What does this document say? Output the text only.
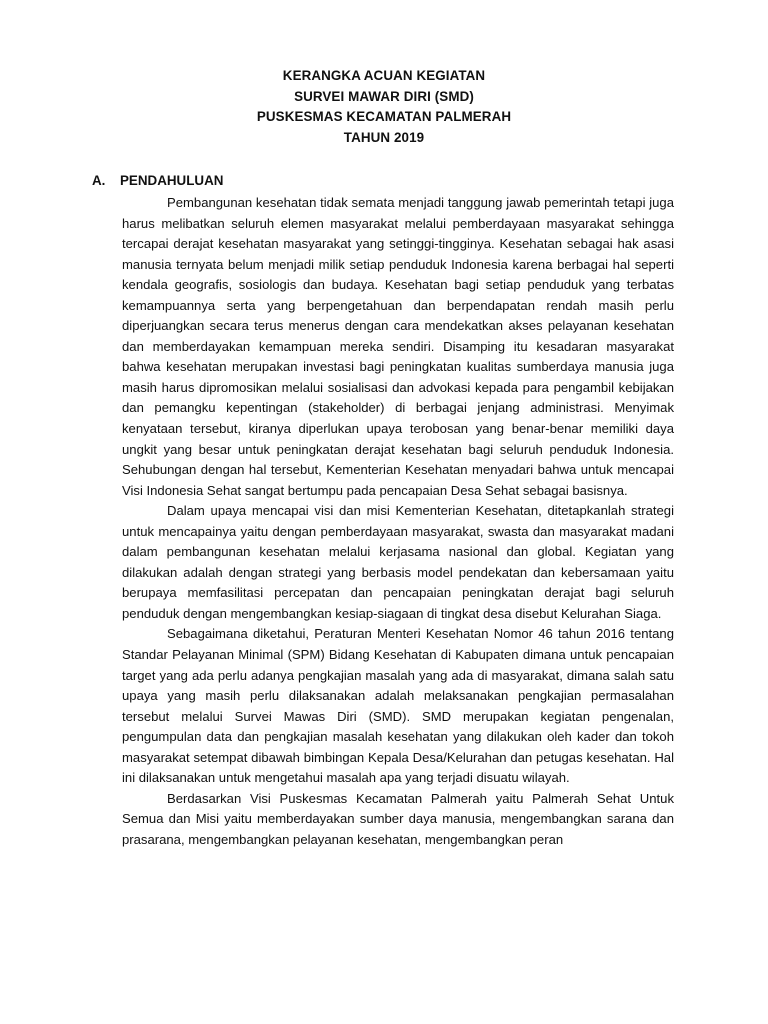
KERANGKA ACUAN KEGIATAN
SURVEI MAWAR DIRI (SMD)
PUSKESMAS KECAMATAN PALMERAH
TAHUN 2019
A. PENDAHULUAN

Pembangunan kesehatan tidak semata menjadi tanggung jawab pemerintah tetapi juga harus melibatkan seluruh elemen masyarakat melalui pemberdayaan masyarakat sehingga tercapai derajat kesehatan masyarakat yang setinggi-tingginya. Kesehatan sebagai hak asasi manusia ternyata belum menjadi milik setiap penduduk Indonesia karena berbagai hal seperti kendala geografis, sosiologis dan budaya. Kesehatan bagi setiap penduduk yang terbatas kemampuannya serta yang berpengetahuan dan berpendapatan rendah masih perlu diperjuangkan secara terus menerus dengan cara mendekatkan akses pelayanan kesehatan dan memberdayakan kemampuan mereka sendiri. Disamping itu kesadaran masyarakat bahwa kesehatan merupakan investasi bagi peningkatan kualitas sumberdaya manusia juga masih harus dipromosikan melalui sosialisasi dan advokasi kepada para pengambil kebijakan dan pemangku kepentingan (stakeholder) di berbagai jenjang administrasi. Menyimak kenyataan tersebut, kiranya diperlukan upaya terobosan yang benar-benar memiliki daya ungkit yang besar untuk peningkatan derajat kesehatan bagi seluruh penduduk Indonesia. Sehubungan dengan hal tersebut, Kementerian Kesehatan menyadari bahwa untuk mencapai Visi Indonesia Sehat sangat bertumpu pada pencapaian Desa Sehat sebagai basisnya.

Dalam upaya mencapai visi dan misi Kementerian Kesehatan, ditetapkanlah strategi untuk mencapainya yaitu dengan pemberdayaan masyarakat, swasta dan masyarakat madani dalam pembangunan kesehatan melalui kerjasama nasional dan global. Kegiatan yang dilakukan adalah dengan strategi yang berbasis model pendekatan dan kebersamaan yaitu berupaya memfasilitasi percepatan dan pencapaian peningkatan derajat bagi seluruh penduduk dengan mengembangkan kesiap-siagaan di tingkat desa disebut Kelurahan Siaga.

Sebagaimana diketahui, Peraturan Menteri Kesehatan Nomor 46 tahun 2016 tentang Standar Pelayanan Minimal (SPM) Bidang Kesehatan di Kabupaten dimana untuk pencapaian target yang ada perlu adanya pengkajian masalah yang ada di masyarakat, dimana salah satu upaya yang masih perlu dilaksanakan adalah melaksanakan pengkajian permasalahan tersebut melalui Survei Mawas Diri (SMD). SMD merupakan kegiatan pengenalan, pengumpulan data dan pengkajian masalah kesehatan yang dilakukan oleh kader dan tokoh masyarakat setempat dibawah bimbingan Kepala Desa/Kelurahan dan petugas kesehatan. Hal ini dilaksanakan untuk mengetahui masalah apa yang terjadi disuatu wilayah.

Berdasarkan Visi Puskesmas Kecamatan Palmerah yaitu Palmerah Sehat Untuk Semua dan Misi yaitu memberdayakan sumber daya manusia, mengembangkan sarana dan prasarana, mengembangkan pelayanan kesehatan, mengembangkan peran
